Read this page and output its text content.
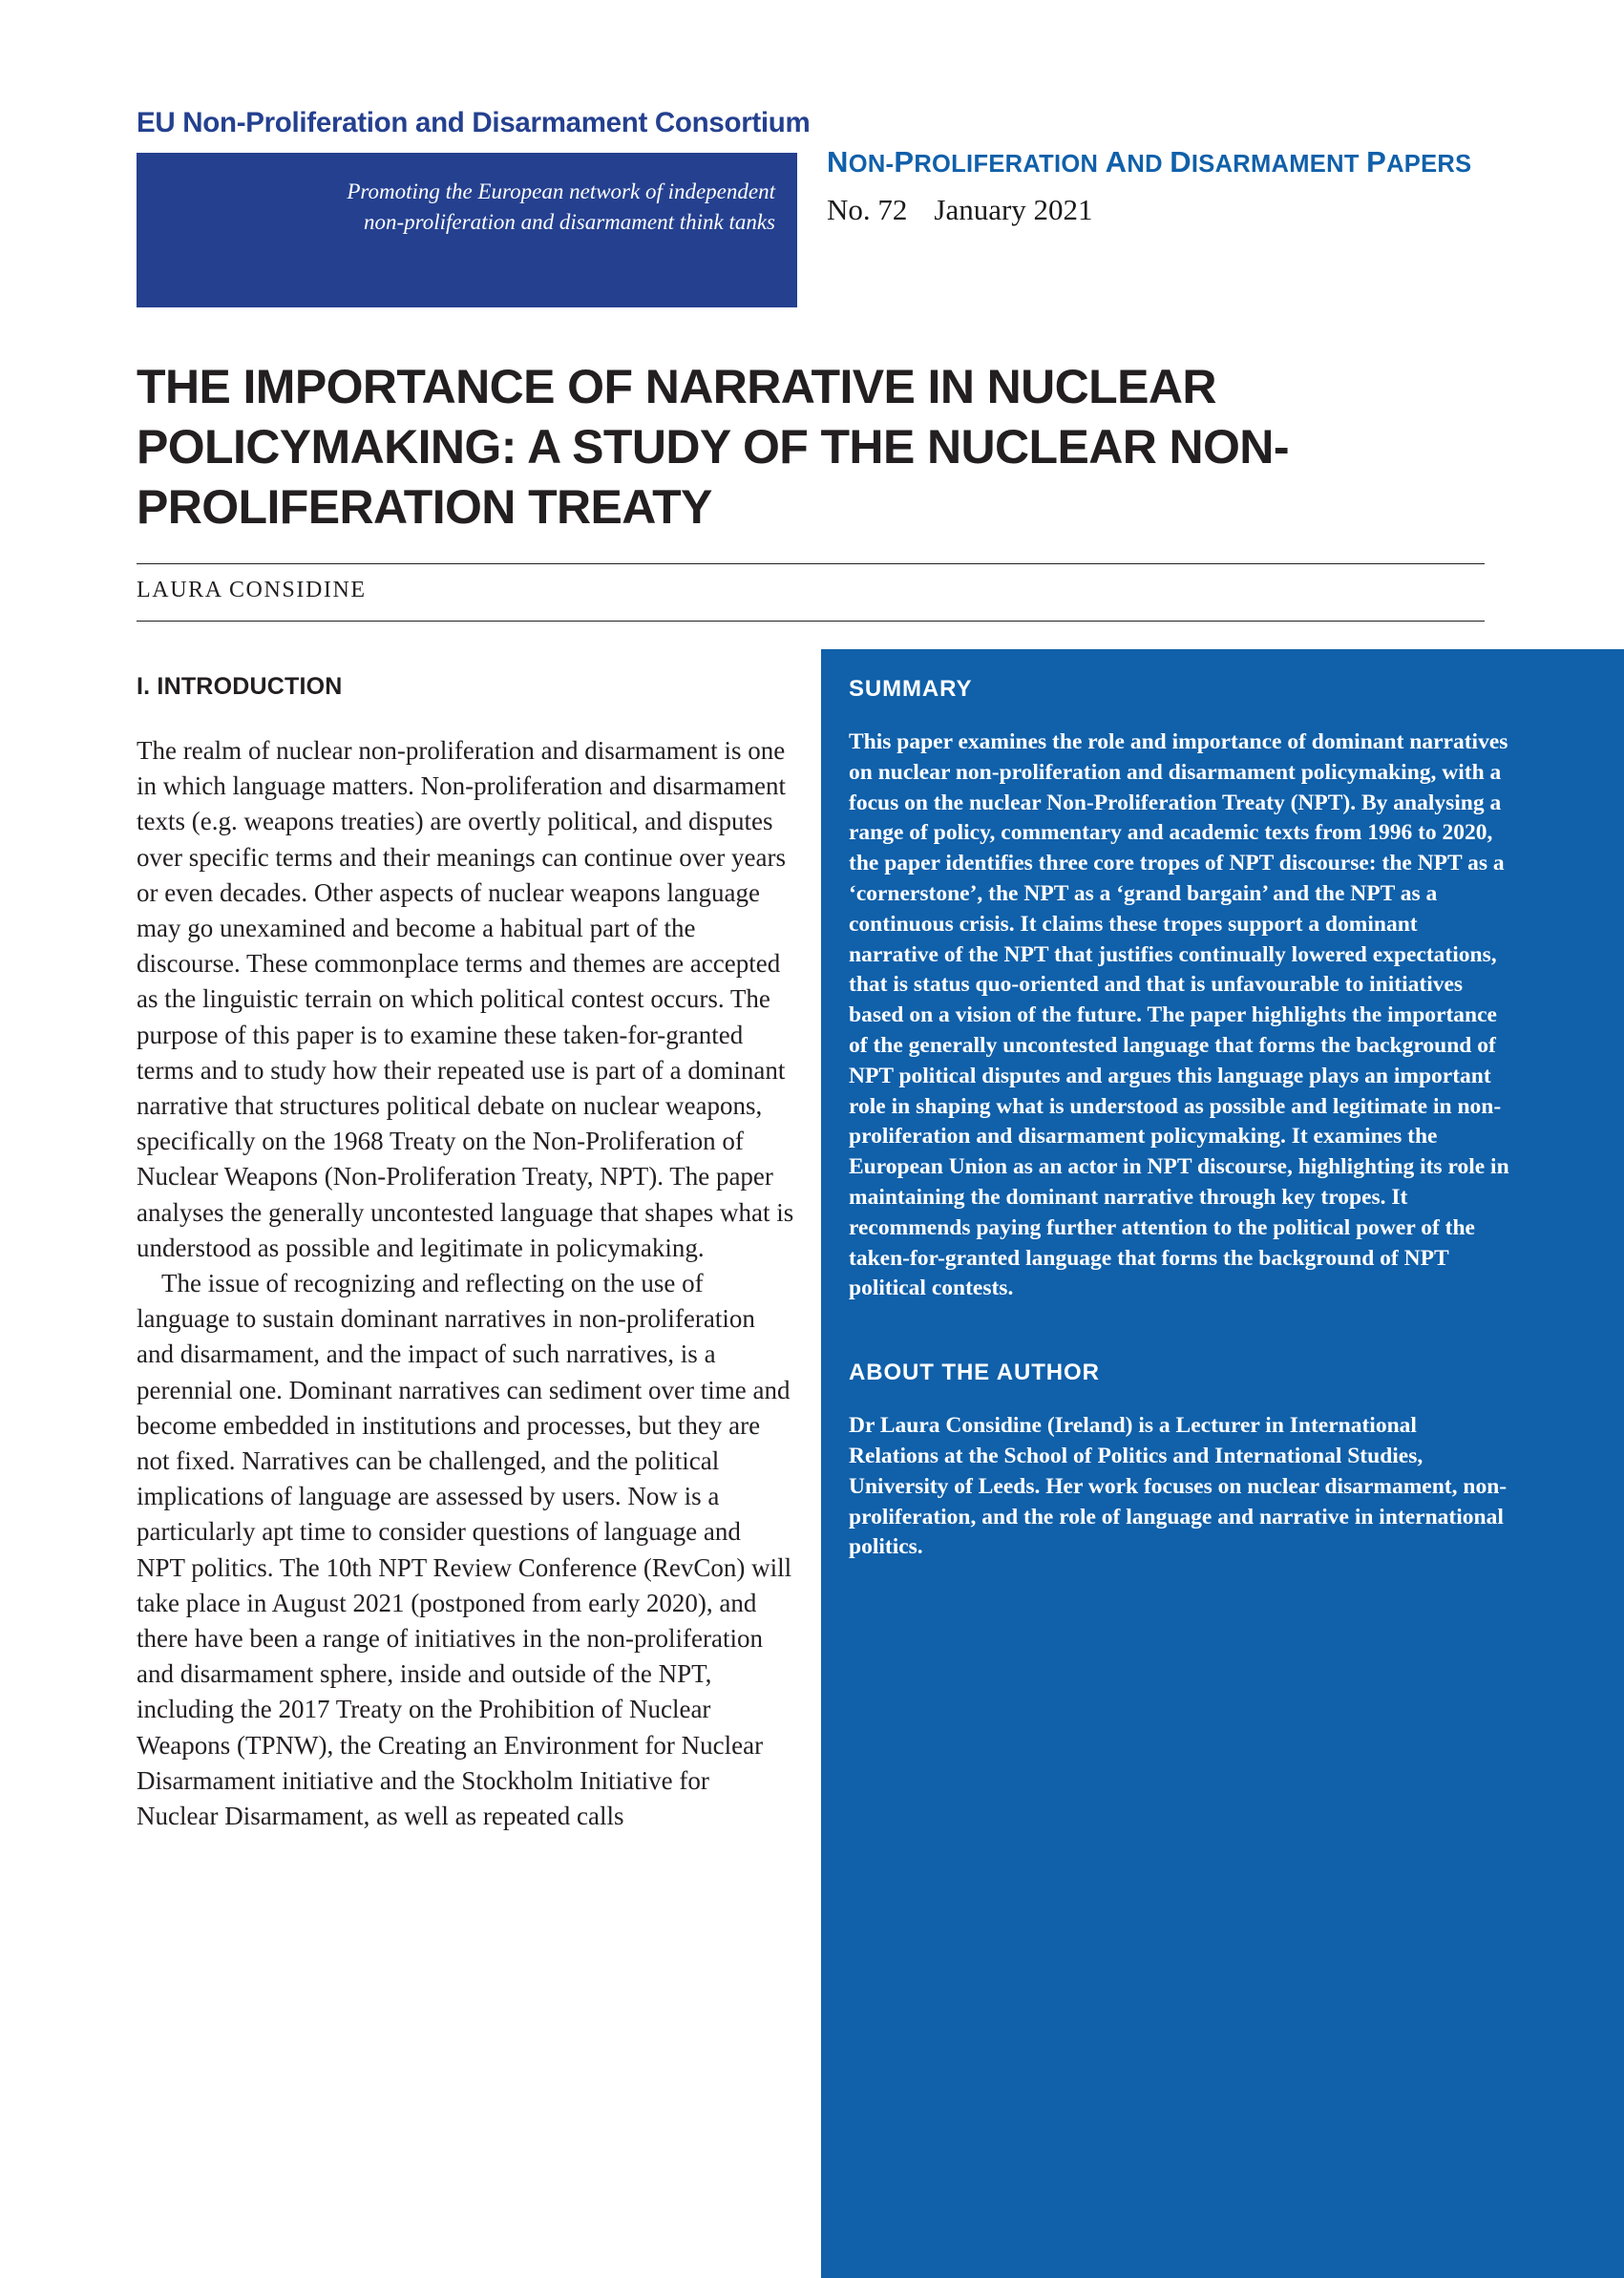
EU Non-Proliferation and Disarmament Consortium
Promoting the European network of independent
non-proliferation and disarmament think tanks
NON-PROLIFERATION AND DISARMAMENT PAPERS
No. 72 January 2021
THE IMPORTANCE OF NARRATIVE IN NUCLEAR POLICYMAKING: A STUDY OF THE NUCLEAR NON-PROLIFERATION TREATY
LAURA CONSIDINE
I. INTRODUCTION

The realm of nuclear non-proliferation and disarmament is one in which language matters. Non-proliferation and disarmament texts (e.g. weapons treaties) are overtly political, and disputes over specific terms and their meanings can continue over years or even decades. Other aspects of nuclear weapons language may go unexamined and become a habitual part of the discourse. These commonplace terms and themes are accepted as the linguistic terrain on which political contest occurs. The purpose of this paper is to examine these taken-for-granted terms and to study how their repeated use is part of a dominant narrative that structures political debate on nuclear weapons, specifically on the 1968 Treaty on the Non-Proliferation of Nuclear Weapons (Non-Proliferation Treaty, NPT). The paper analyses the generally uncontested language that shapes what is understood as possible and legitimate in policymaking.

The issue of recognizing and reflecting on the use of language to sustain dominant narratives in non-proliferation and disarmament, and the impact of such narratives, is a perennial one. Dominant narratives can sediment over time and become embedded in institutions and processes, but they are not fixed. Narratives can be challenged, and the political implications of language are assessed by users. Now is a particularly apt time to consider questions of language and NPT politics. The 10th NPT Review Conference (RevCon) will take place in August 2021 (postponed from early 2020), and there have been a range of initiatives in the non-proliferation and disarmament sphere, inside and outside of the NPT, including the 2017 Treaty on the Prohibition of Nuclear Weapons (TPNW), the Creating an Environment for Nuclear Disarmament initiative and the Stockholm Initiative for Nuclear Disarmament, as well as repeated calls

SUMMARY

This paper examines the role and importance of dominant narratives on nuclear non-proliferation and disarmament policymaking, with a focus on the nuclear Non-Proliferation Treaty (NPT). By analysing a range of policy, commentary and academic texts from 1996 to 2020, the paper identifies three core tropes of NPT discourse: the NPT as a ‘cornerstone’, the NPT as a ‘grand bargain’ and the NPT as a continuous crisis. It claims these tropes support a dominant narrative of the NPT that justifies continually lowered expectations, that is status quo-oriented and that is unfavourable to initiatives based on a vision of the future. The paper highlights the importance of the generally uncontested language that forms the background of NPT political disputes and argues this language plays an important role in shaping what is understood as possible and legitimate in non-proliferation and disarmament policymaking. It examines the European Union as an actor in NPT discourse, highlighting its role in maintaining the dominant narrative through key tropes. It recommends paying further attention to the political power of the taken-for-granted language that forms the background of NPT political contests.

ABOUT THE AUTHOR

Dr Laura Considine (Ireland) is a Lecturer in International Relations at the School of Politics and International Studies, University of Leeds. Her work focuses on nuclear disarmament, non-proliferation, and the role of language and narrative in international politics.
